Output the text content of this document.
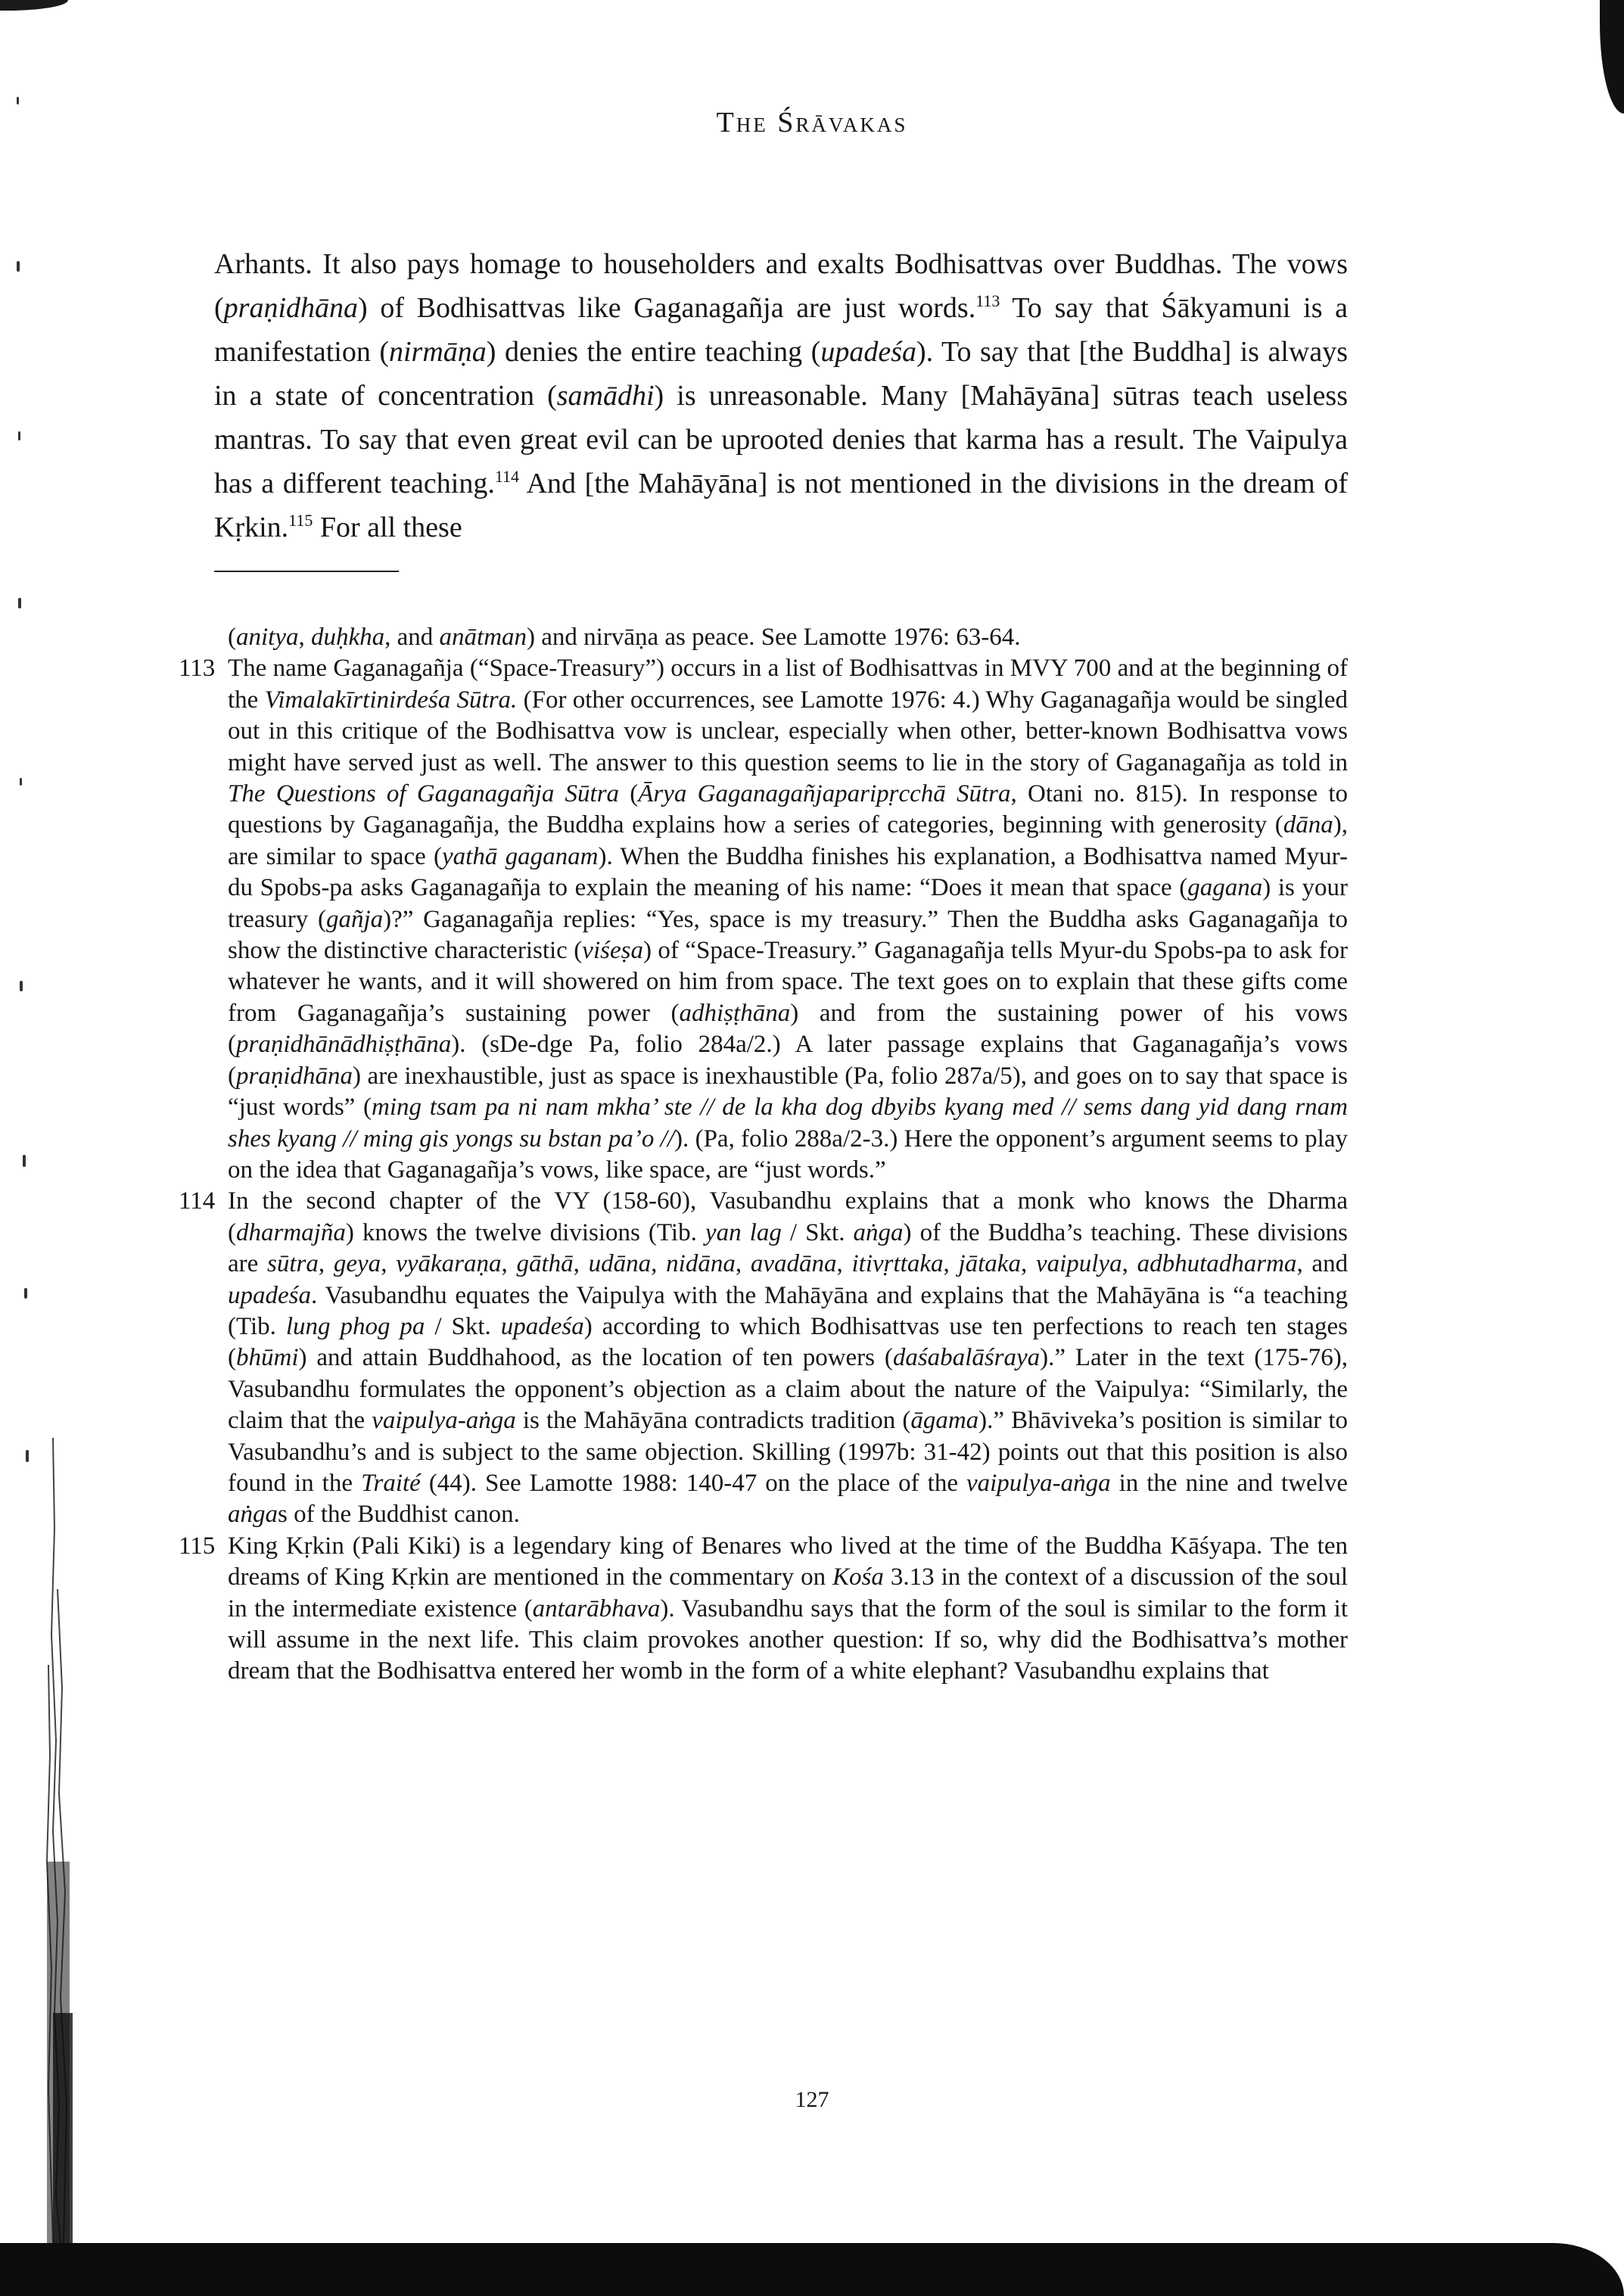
The Śrāvakas

Arhants. It also pays homage to householders and exalts Bodhisattvas over Buddhas. The vows (praṇidhāna) of Bodhisattvas like Gaganagañja are just words.$^{113}$ To say that Śākyamuni is a manifestation (nirmāṇa) denies the entire teaching (upadeśa). To say that [the Buddha] is always in a state of concentration (samādhi) is unreasonable. Many [Mahāyāna] sūtras teach useless mantras. To say that even great evil can be uprooted denies that karma has a result. The Vaipulya has a different teaching.$^{114}$ And [the Mahāyāna] is not mentioned in the divisions in the dream of Kṛkin.$^{115}$ For all these

(anitya, duḥkha, and anātman) and nirvāṇa as peace. See Lamotte 1976: 63-64.

113 The name Gaganagañja (“Space-Treasury”) occurs in a list of Bodhisattvas in MVY 700 and at the beginning of the Vimalakīrtinirdeśa Sūtra. (For other occurrences, see Lamotte 1976: 4.) Why Gaganagañja would be singled out in this critique of the Bodhisattva vow is unclear, especially when other, better-known Bodhisattva vows might have served just as well. The answer to this question seems to lie in the story of Gaganagañja as told in The Questions of Gaganagañja Sūtra (Ārya Gaganagañjaparipṛcchā Sūtra, Otani no. 815). In response to questions by Gaganagañja, the Buddha explains how a series of categories, beginning with generosity (dāna), are similar to space (yathā gaganam). When the Buddha finishes his explanation, a Bodhisattva named Myur-du Spobs-pa asks Gaganagañja to explain the meaning of his name: “Does it mean that space (gagana) is your treasury (gañja)?” Gaganagañja replies: “Yes, space is my treasury.” Then the Buddha asks Gaganagañja to show the distinctive characteristic (viśeṣa) of “Space-Treasury.” Gaganagañja tells Myur-du Spobs-pa to ask for whatever he wants, and it will showered on him from space. The text goes on to explain that these gifts come from Gaganagañja’s sustaining power (adhiṣṭhāna) and from the sustaining power of his vows (praṇidhānādhiṣṭhāna). (sDe-dge Pa, folio 284a/2.) A later passage explains that Gaganagañja’s vows (praṇidhāna) are inexhaustible, just as space is inexhaustible (Pa, folio 287a/5), and goes on to say that space is “just words” (ming tsam pa ni nam mkha’ ste // de la kha dog dbyibs kyang med // sems dang yid dang rnam shes kyang // ming gis yongs su bstan pa’o //). (Pa, folio 288a/2-3.) Here the opponent’s argument seems to play on the idea that Gaganagañja’s vows, like space, are “just words.”

114 In the second chapter of the VY (158-60), Vasubandhu explains that a monk who knows the Dharma (dharmajña) knows the twelve divisions (Tib. yan lag / Skt. aṅga) of the Buddha’s teaching. These divisions are sūtra, geya, vyākaraṇa, gāthā, udāna, nidāna, avadāna, itivṛttaka, jātaka, vaipulya, adbhutadharma, and upadeśa. Vasubandhu equates the Vaipulya with the Mahāyāna and explains that the Mahāyāna is “a teaching (Tib. lung phog pa / Skt. upadeśa) according to which Bodhisattvas use ten perfections to reach ten stages (bhūmi) and attain Buddhahood, as the location of ten powers (daśabalāśraya).” Later in the text (175-76), Vasubandhu formulates the opponent’s objection as a claim about the nature of the Vaipulya: “Similarly, the claim that the vaipulya-aṅga is the Mahāyāna contradicts tradition (āgama).” Bhāviveka’s position is similar to Vasubandhu’s and is subject to the same objection. Skilling (1997b: 31-42) points out that this position is also found in the Traité (44). See Lamotte 1988: 140-47 on the place of the vaipulya-aṅga in the nine and twelve aṅgas of the Buddhist canon.

115 King Kṛkin (Pali Kiki) is a legendary king of Benares who lived at the time of the Buddha Kāśyapa. The ten dreams of King Kṛkin are mentioned in the commentary on Kośa 3.13 in the context of a discussion of the soul in the intermediate existence (antarābhava). Vasubandhu says that the form of the soul is similar to the form it will assume in the next life. This claim provokes another question: If so, why did the Bodhisattva’s mother dream that the Bodhisattva entered her womb in the form of a white elephant? Vasubandhu explains that

127
